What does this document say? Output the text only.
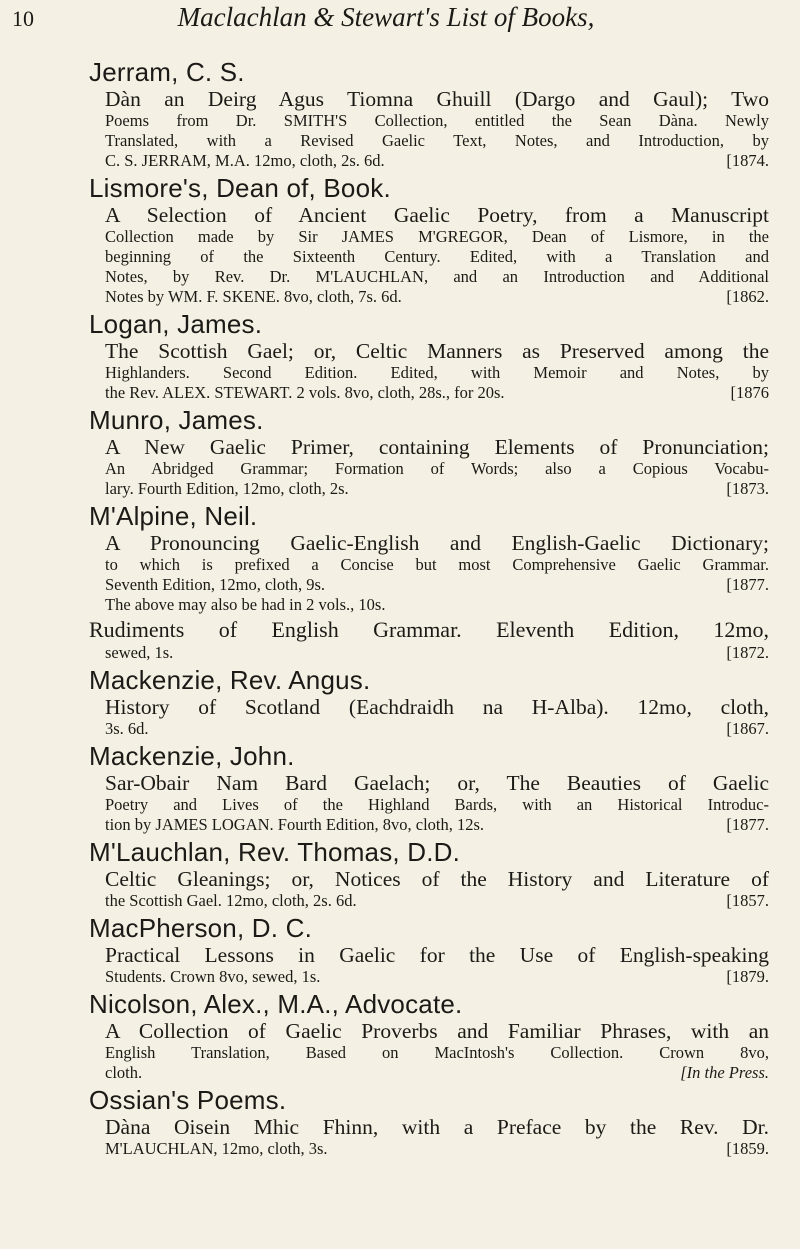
10	Maclachlan & Stewart's List of Books,
Jerram, C. S.
Dàn an Deirg Agus Tiomna Ghuill (Dargo and Gaul); Two
Poems from Dr. SMITH'S Collection, entitled the Sean Dàna. Newly
Translated, with a Revised Gaelic Text, Notes, and Introduction, by
C. S. JERRAM, M.A. 12mo, cloth, 2s. 6d.	[1874.
Lismore's, Dean of, Book.
A Selection of Ancient Gaelic Poetry, from a Manuscript
Collection made by Sir JAMES M'GREGOR, Dean of Lismore, in the
beginning of the Sixteenth Century. Edited, with a Translation and
Notes, by Rev. Dr. M'LAUCHLAN, and an Introduction and Additional
Notes by WM. F. SKENE. 8vo, cloth, 7s. 6d.	[1862.
Logan, James.
The Scottish Gael; or, Celtic Manners as Preserved among the
Highlanders. Second Edition. Edited, with Memoir and Notes, by
the Rev. ALEX. STEWART. 2 vols. 8vo, cloth, 28s., for 20s.	[1876
Munro, James.
A New Gaelic Primer, containing Elements of Pronunciation;
An Abridged Grammar; Formation of Words; also a Copious Vocabu-
lary. Fourth Edition, 12mo, cloth, 2s.	[1873.
M'Alpine, Neil.
A Pronouncing Gaelic-English and English-Gaelic Dictionary;
to which is prefixed a Concise but most Comprehensive Gaelic Grammar.
Seventh Edition, 12mo, cloth, 9s.	[1877.
The above may also be had in 2 vols., 10s.
Rudiments of English Grammar. Eleventh Edition, 12mo,
sewed, 1s.	[1872.
Mackenzie, Rev. Angus.
History of Scotland (Eachdraidh na H-Alba). 12mo, cloth,
3s. 6d.	[1867.
Mackenzie, John.
Sar-Obair Nam Bard Gaelach; or, The Beauties of Gaelic
Poetry and Lives of the Highland Bards, with an Historical Introduc-
tion by JAMES LOGAN. Fourth Edition, 8vo, cloth, 12s.	[1877.
M'Lauchlan, Rev. Thomas, D.D.
Celtic Gleanings; or, Notices of the History and Literature of
the Scottish Gael. 12mo, cloth, 2s. 6d.	[1857.
MacPherson, D. C.
Practical Lessons in Gaelic for the Use of English-speaking
Students. Crown 8vo, sewed, 1s.	[1879.
Nicolson, Alex., M.A., Advocate.
A Collection of Gaelic Proverbs and Familiar Phrases, with an
English Translation, Based on MacIntosh's Collection. Crown 8vo,
cloth.	[In the Press.
Ossian's Poems.
Dàna Oisein Mhic Fhinn, with a Preface by the Rev. Dr.
M'LAUCHLAN, 12mo, cloth, 3s.	[1859.
